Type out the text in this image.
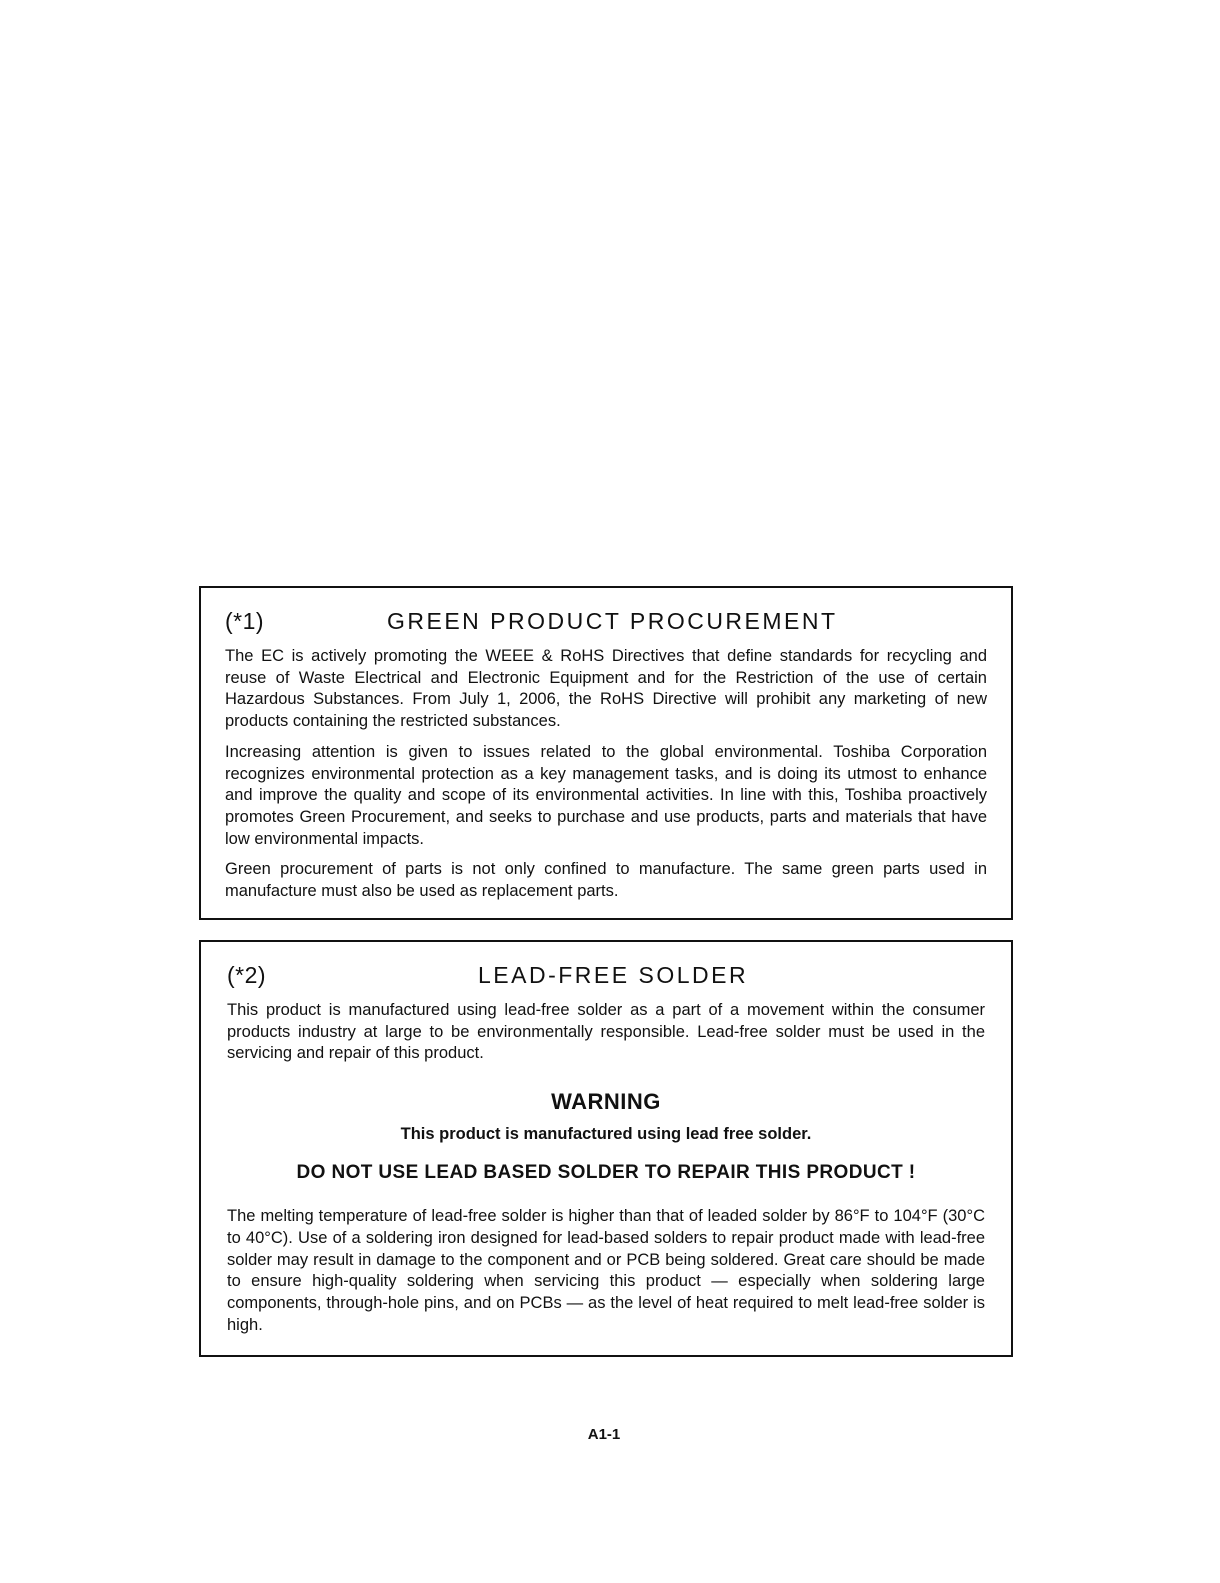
(*1)	GREEN PRODUCT PROCUREMENT

The EC is actively promoting the WEEE & RoHS Directives that define standards for recycling and reuse of Waste Electrical and Electronic Equipment and for the Restriction of the use of certain Hazardous Substances. From July 1, 2006, the RoHS Directive will prohibit any marketing of new products containing the restricted substances.

Increasing attention is given to issues related to the global environmental. Toshiba Corporation recognizes environmental protection as a key management tasks, and is doing its utmost to enhance and improve the quality and scope of its environmental activities. In line with this, Toshiba proactively promotes Green Procurement, and seeks to purchase and use products, parts and materials that have low environmental impacts.

Green procurement of parts is not only confined to manufacture. The same green parts used in manufacture must also be used as replacement parts.

(*2)	LEAD-FREE SOLDER

This product is manufactured using lead-free solder as a part of a movement within the consumer products industry at large to be environmentally responsible. Lead-free solder must be used in the servicing and repair of this product.

WARNING
This product is manufactured using lead free solder.
DO NOT USE LEAD BASED SOLDER TO REPAIR THIS PRODUCT !

The melting temperature of lead-free solder is higher than that of leaded solder by 86°F to 104°F (30°C to 40°C). Use of a soldering iron designed for lead-based solders to repair product made with lead-free solder may result in damage to the component and or PCB being soldered. Great care should be made to ensure high-quality soldering when servicing this product — especially when soldering large components, through-hole pins, and on PCBs — as the level of heat required to melt lead-free solder is high.

A1-1
